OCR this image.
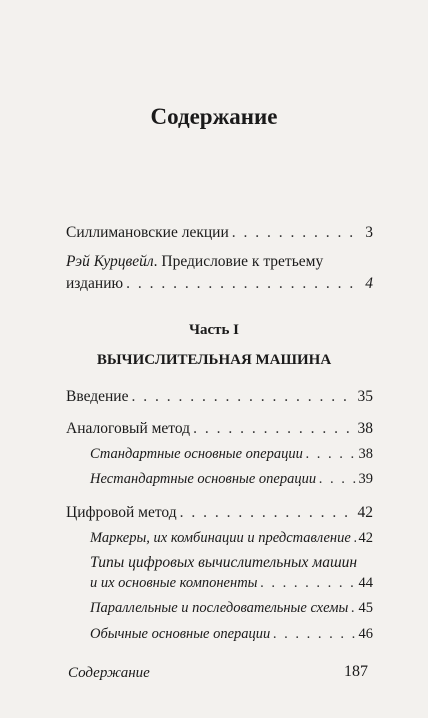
Содержание
Силлимановские лекции . . .	3
Рэй Курцвейл. Предисловие к третьему
изданию . . .	4
Часть I
ВЫЧИСЛИТЕЛЬНАЯ МАШИНА
Введение . . .	35
Аналоговый метод . . .	38
Стандартные основные операции . . .	38
Нестандартные основные операции . . .	39
Цифровой метод . . .	42
Маркеры, их комбинации и представление . . . 42
Типы цифровых вычислительных машин
и их основные компоненты . . .	44
Параллельные и последовательные схемы . . . 45
Обычные основные операции . . .	46
Содержание	187
